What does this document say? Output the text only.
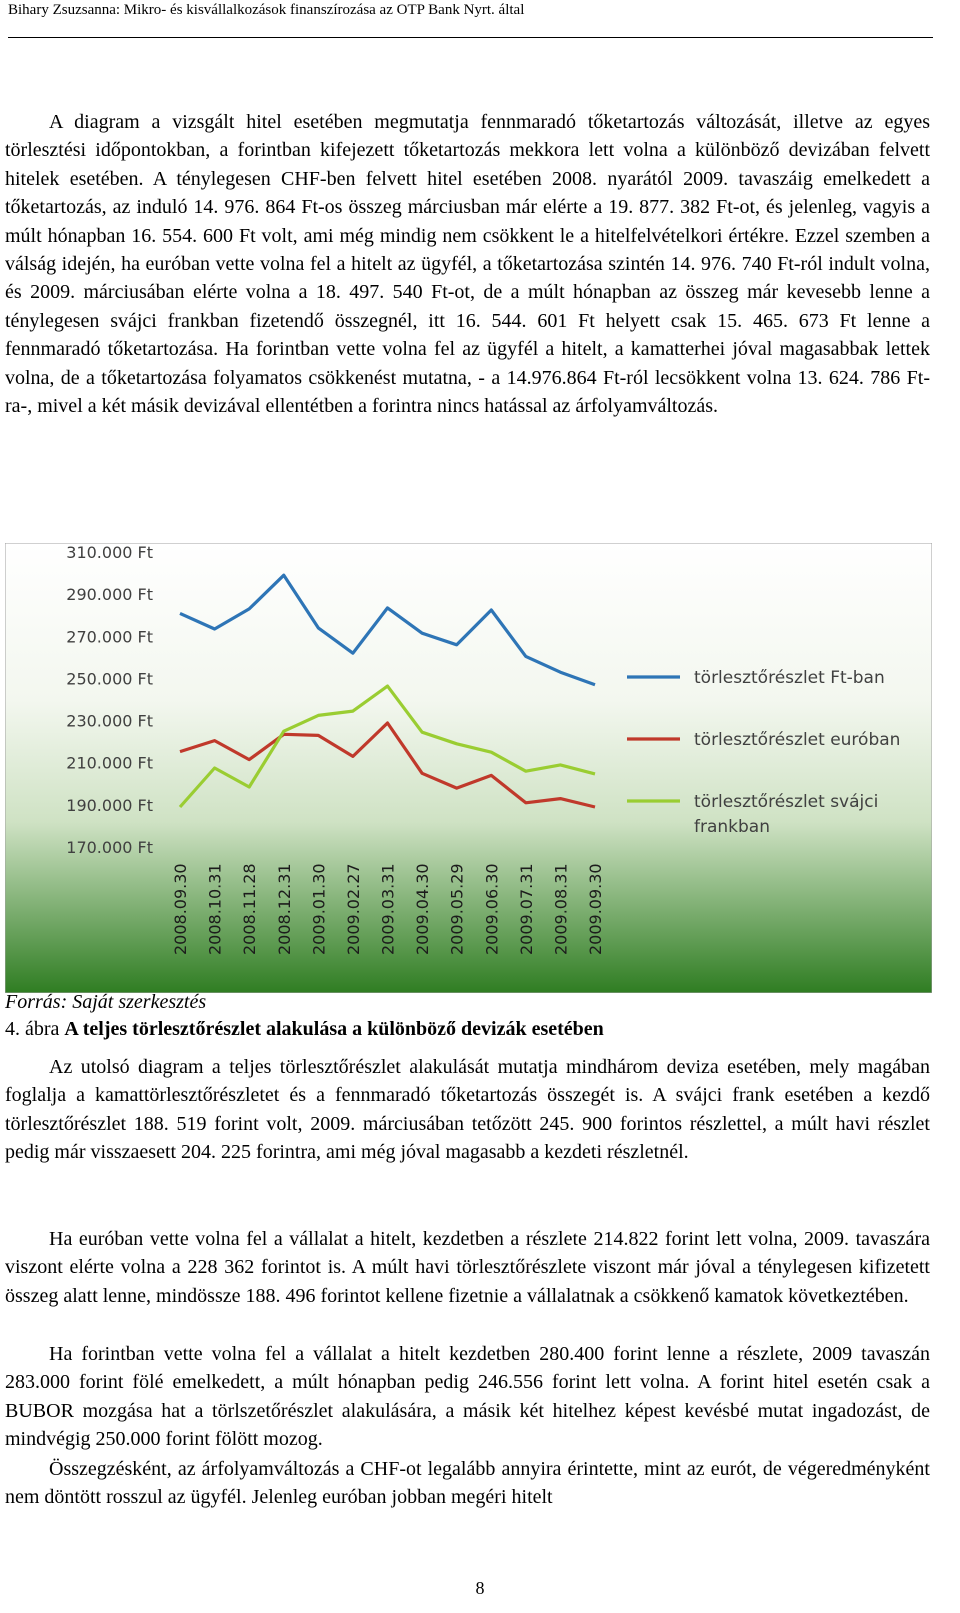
Bihary Zsuzsanna: Mikro- és kisvállalkozások finanszírozása az OTP Bank Nyrt. által

A diagram a vizsgált hitel esetében megmutatja fennmaradó tőketartozás változását, illetve az egyes törlesztési időpontokban, a forintban kifejezett tőketartozás mekkora lett volna a különböző devizában felvett hitelek esetében. A ténylegesen CHF-ben felvett hitel esetében 2008. nyarától 2009. tavaszáig emelkedett a tőketartozás, az induló 14. 976. 864 Ft-os összeg márciusban már elérte a 19. 877. 382 Ft-ot, és jelenleg, vagyis a múlt hónapban 16. 554. 600 Ft volt, ami még mindig nem csökkent le a hitelfelvételkori értékre. Ezzel szemben a válság idején, ha euróban vette volna fel a hitelt az ügyfél, a tőketartozása szintén 14. 976. 740 Ft-ról indult volna, és 2009. márciusában elérte volna a 18. 497. 540 Ft-ot, de a múlt hónapban az összeg már kevesebb lenne a ténylegesen svájci frankban fizetendő összegnél, itt 16. 544. 601 Ft helyett csak 15. 465. 673 Ft lenne a fennmaradó tőketartozása. Ha forintban vette volna fel az ügyfél a hitelt, a kamatterhei jóval magasabbak lettek volna, de a tőketartozása folyamatos csökkenést mutatna, - a 14.976.864 Ft-ról lecsökkent volna 13. 624. 786 Ft-ra-, mivel a két másik devizával ellentétben a forintra nincs hatással az árfolyamváltozás.

310.000 Ft
290.000 Ft
270.000 Ft
250.000 Ft
230.000 Ft
210.000 Ft
190.000 Ft
170.000 Ft
2008.09.30 2008.10.31 2008.11.28 2008.12.31 2009.01.30 2009.02.27 2009.03.31 2009.04.30 2009.05.29 2009.06.30 2009.07.31 2009.08.31 2009.09.30
törlesztőrészlet Ft-ban
törlesztőrészlet euróban
törlesztőrészlet svájci frankban
Forrás: Saját szerkesztés
4. ábra A teljes törlesztőrészlet alakulása a különböző devizák esetében

Az utolsó diagram a teljes törlesztőrészlet alakulását mutatja mindhárom deviza esetében, mely magában foglalja a kamattörlesztőrészletet és a fennmaradó tőketartozás összegét is. A svájci frank esetében a kezdő törlesztőrészlet 188. 519 forint volt, 2009. márciusában tetőzött 245. 900 forintos részlettel, a múlt havi részlet pedig már visszaesett 204. 225 forintra, ami még jóval magasabb a kezdeti részletnél.

Ha euróban vette volna fel a vállalat a hitelt, kezdetben a részlete 214.822 forint lett volna, 2009. tavaszára viszont elérte volna a 228 362 forintot is. A múlt havi törlesztőrészlete viszont már jóval a ténylegesen kifizetett összeg alatt lenne, mindössze 188. 496 forintot kellene fizetnie a vállalatnak a csökkenő kamatok következtében.

Ha forintban vette volna fel a vállalat a hitelt kezdetben 280.400 forint lenne a részlete, 2009 tavaszán 283.000 forint fölé emelkedett, a múlt hónapban pedig 246.556 forint lett volna. A forint hitel esetén csak a BUBOR mozgása hat a törlszetőrészlet alakulására, a másik két hitelhez képest kevésbé mutat ingadozást, de mindvégig 250.000 forint fölött mozog.

Összegzésként, az árfolyamváltozás a CHF-ot legalább annyira érintette, mint az eurót, de végeredményként nem döntött rosszul az ügyfél. Jelenleg euróban jobban megéri hitelt

8
